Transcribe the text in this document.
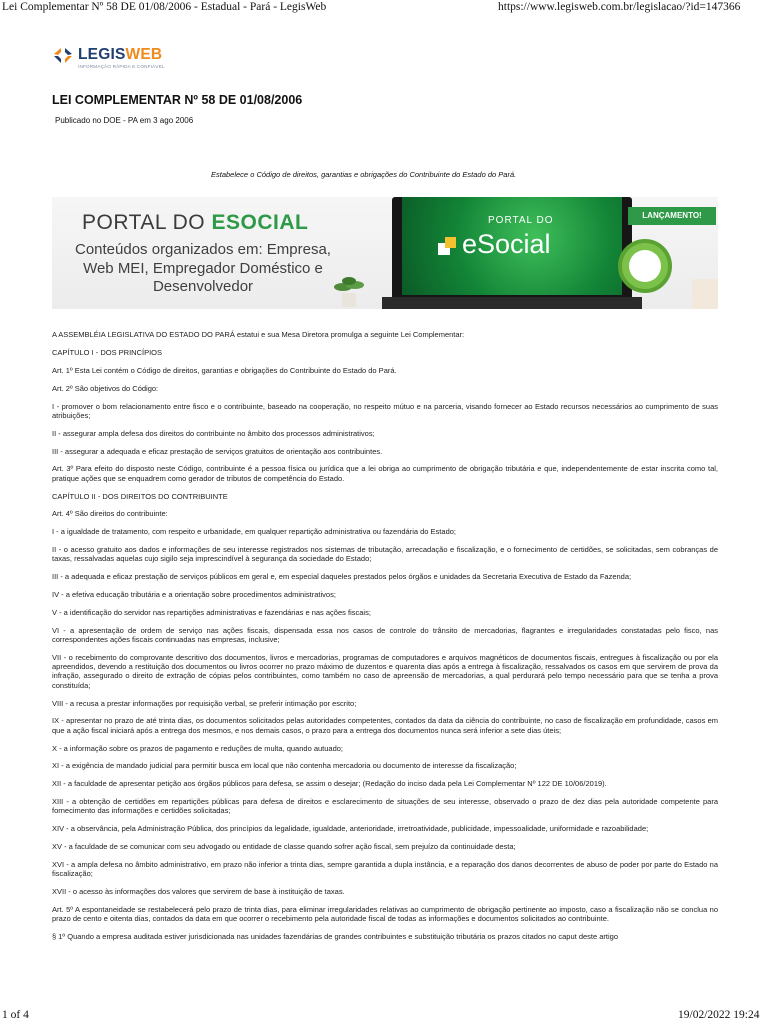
Lei Complementar Nº 58 DE 01/08/2006 - Estadual - Pará - LegisWeb	https://www.legisweb.com.br/legislacao/?id=147366
LEGISWEB
INFORMAÇÃO RÁPIDA E CONFIÁVEL
LEI COMPLEMENTAR Nº 58 DE 01/08/2006
Publicado no DOE - PA em 3 ago 2006
Estabelece o Código de direitos, garantias e obrigações do Contribuinte do Estado do Pará.
PORTAL DO ESOCIAL
Conteúdos organizados em: Empresa, Web MEI, Empregador Doméstico e Desenvolvedor
PORTAL DO
eSocial
LANÇAMENTO!

A ASSEMBLÉIA LEGISLATIVA DO ESTADO DO PARÁ estatui e sua Mesa Diretora promulga a seguinte Lei Complementar:

CAPÍTULO I - DOS PRINCÍPIOS

Art. 1º Esta Lei contém o Código de direitos, garantias e obrigações do Contribuinte do Estado do Pará.

Art. 2º São objetivos do Código:

I - promover o bom relacionamento entre fisco e o contribuinte, baseado na cooperação, no respeito mútuo e na parceria, visando fornecer ao Estado recursos necessários ao cumprimento de suas atribuições;

II - assegurar ampla defesa dos direitos do contribuinte no âmbito dos processos administrativos;

III - assegurar a adequada e eficaz prestação de serviços gratuitos de orientação aos contribuintes.

Art. 3º Para efeito do disposto neste Código, contribuinte é a pessoa física ou jurídica que a lei obriga ao cumprimento de obrigação tributária e que, independentemente de estar inscrita como tal, pratique ações que se enquadrem como gerador de tributos de competência do Estado.

CAPÍTULO II - DOS DIREITOS DO CONTRIBUINTE

Art. 4º São direitos do contribuinte:

I - a igualdade de tratamento, com respeito e urbanidade, em qualquer repartição administrativa ou fazendária do Estado;

II - o acesso gratuito aos dados e informações de seu interesse registrados nos sistemas de tributação, arrecadação e fiscalização, e o fornecimento de certidões, se solicitadas, sem cobranças de taxas, ressalvadas aquelas cujo sigilo seja imprescindível à segurança da sociedade do Estado;

III - a adequada e eficaz prestação de serviços públicos em geral e, em especial daqueles prestados pelos órgãos e unidades da Secretaria Executiva de Estado da Fazenda;

IV - a efetiva educação tributária e a orientação sobre procedimentos administrativos;

V - a identificação do servidor nas repartições administrativas e fazendárias e nas ações fiscais;

VI - a apresentação de ordem de serviço nas ações fiscais, dispensada essa nos casos de controle do trânsito de mercadorias, flagrantes e irregularidades constatadas pelo fisco, nas correspondentes ações fiscais continuadas nas empresas, inclusive;

VII - o recebimento do comprovante descritivo dos documentos, livros e mercadorias, programas de computadores e arquivos magnéticos de documentos fiscais, entregues à fiscalização ou por ela apreendidos, devendo a restituição dos documentos ou livros ocorrer no prazo máximo de duzentos e quarenta dias após a entrega à fiscalização, ressalvados os casos em que servirem de prova da infração, assegurado o direito de extração de cópias pelos contribuintes, como também no caso de apreensão de mercadorias, a qual perdurará pelo tempo necessário para que se tenha a prova constituída;

VIII - a recusa a prestar informações por requisição verbal, se preferir intimação por escrito;

IX - apresentar no prazo de até trinta dias, os documentos solicitados pelas autoridades competentes, contados da data da ciência do contribuinte, no caso de fiscalização em profundidade, casos em que a ação fiscal iniciará após a entrega dos mesmos, e nos demais casos, o prazo para a entrega dos documentos nunca será inferior a sete dias úteis;

X - a informação sobre os prazos de pagamento e reduções de multa, quando autuado;

XI - a exigência de mandado judicial para permitir busca em local que não contenha mercadoria ou documento de interesse da fiscalização;

XII - a faculdade de apresentar petição aos órgãos públicos para defesa, se assim o desejar; (Redação do inciso dada pela Lei Complementar Nº 122 DE 10/06/2019).

XIII - a obtenção de certidões em repartições públicas para defesa de direitos e esclarecimento de situações de seu interesse, observado o prazo de dez dias pela autoridade competente para fornecimento das informações e certidões solicitadas;

XIV - a observância, pela Administração Pública, dos princípios da legalidade, igualdade, anterioridade, irretroatividade, publicidade, impessoalidade, uniformidade e razoabilidade;

XV - a faculdade de se comunicar com seu advogado ou entidade de classe quando sofrer ação fiscal, sem prejuízo da continuidade desta;

XVI - a ampla defesa no âmbito administrativo, em prazo não inferior a trinta dias, sempre garantida a dupla instância, e a reparação dos danos decorrentes de abuso de poder por parte do Estado na fiscalização;

XVII - o acesso às informações dos valores que servirem de base à instituição de taxas.

Art. 5º A espontaneidade se restabelecerá pelo prazo de trinta dias, para eliminar irregularidades relativas ao cumprimento de obrigação pertinente ao imposto, caso a fiscalização não se conclua no prazo de cento e oitenta dias, contados da data em que ocorrer o recebimento pela autoridade fiscal de todas as informações e documentos solicitados ao contribuinte.

§ 1º Quando a empresa auditada estiver jurisdicionada nas unidades fazendárias de grandes contribuintes e substituição tributária os prazos citados no caput deste artigo

1 of 4	19/02/2022 19:24
